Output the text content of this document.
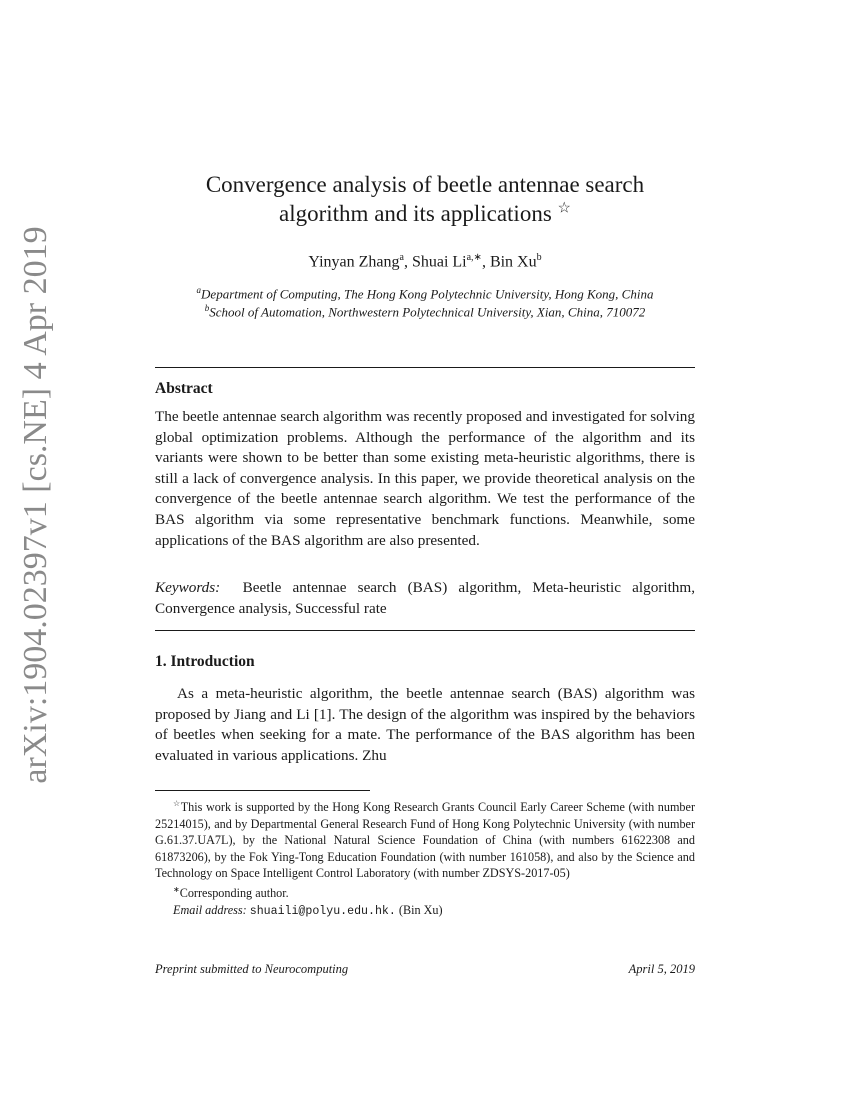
arXiv:1904.02397v1 [cs.NE] 4 Apr 2019
Convergence analysis of beetle antennae search
algorithm and its applications ☆
Yinyan Zhang$^a$, Shuai $Li^{a,∗}$, Bin Xu$^b$
$^a$Department of Computing, The Hong Kong Polytechnic University, Hong Kong, China
$^b$School of Automation, Northwestern Polytechnical University, Xian, China, 710072
Abstract
The beetle antennae search algorithm was recently proposed and investigated for solving global optimization problems. Although the performance of the algorithm and its variants were shown to be better than some existing meta-heuristic algorithms, there is still a lack of convergence analysis. In this paper, we provide theoretical analysis on the convergence of the beetle antennae search algorithm. We test the performance of the BAS algorithm via some representative benchmark functions. Meanwhile, some applications of the BAS algorithm are also presented.
Keywords: Beetle antennae search (BAS) algorithm, Meta-heuristic algorithm, Convergence analysis, Successful rate
1. Introduction
As a meta-heuristic algorithm, the beetle antennae search (BAS) algorithm was proposed by Jiang and Li [1]. The design of the algorithm was inspired by the behaviors of beetles when seeking for a mate. The performance of the BAS algorithm has been evaluated in various applications. Zhu

☆This work is supported by the Hong Kong Research Grants Council Early Career Scheme (with number 25214015), and by Departmental General Research Fund of Hong Kong Polytechnic University (with number G.61.37.UA7L), by the National Natural Science Foundation of China (with numbers 61622308 and 61873206), by the Fok Ying-Tong Education Foundation (with number 161058), and also by the Science and Technology on Space Intelligent Control Laboratory (with number ZDSYS-2017-05)

∗Corresponding author.

Email address: shuaili@polyu.edu.hk. (Bin Xu)

Preprint submitted to Neurocomputing	April 5, 2019
